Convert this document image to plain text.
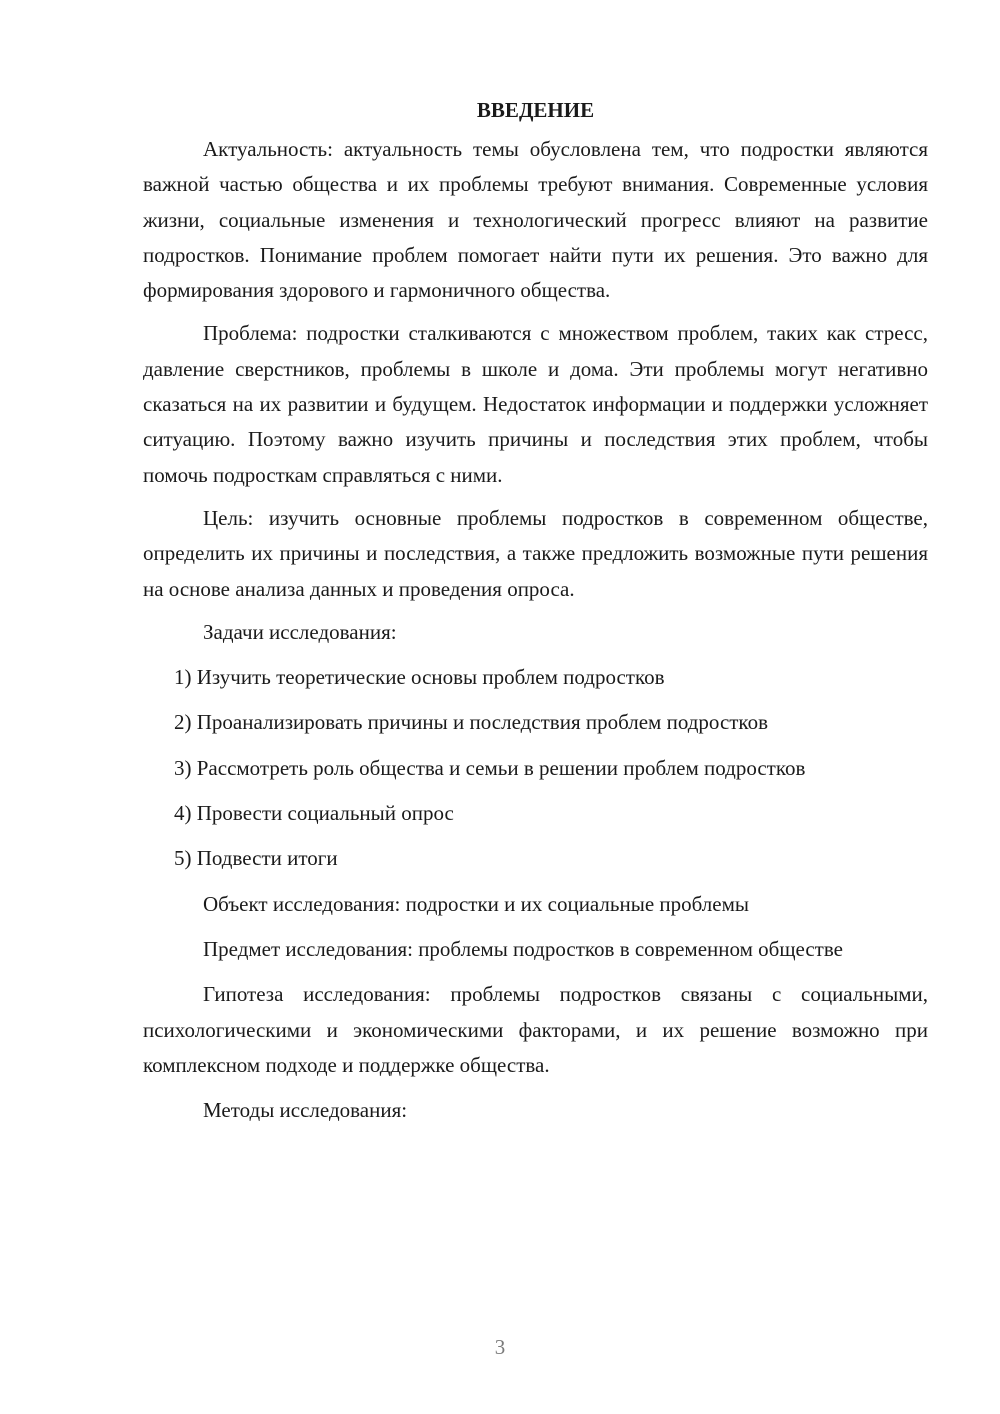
ВВЕДЕНИЕ

Актуальность: актуальность темы обусловлена тем, что подростки являются важной частью общества и их проблемы требуют внимания. Современные условия жизни, социальные изменения и технологический прогресс влияют на развитие подростков. Понимание проблем помогает найти пути их решения. Это важно для формирования здорового и гармоничного общества.

Проблема: подростки сталкиваются с множеством проблем, таких как стресс, давление сверстников, проблемы в школе и дома. Эти проблемы могут негативно сказаться на их развитии и будущем. Недостаток информации и поддержки усложняет ситуацию. Поэтому важно изучить причины и последствия этих проблем, чтобы помочь подросткам справляться с ними.

Цель: изучить основные проблемы подростков в современном обществе, определить их причины и последствия, а также предложить возможные пути решения на основе анализа данных и проведения опроса.

Задачи исследования:

1) Изучить теоретические основы проблем подростков

2) Проанализировать причины и последствия проблем подростков

3) Рассмотреть роль общества и семьи в решении проблем подростков

4) Провести социальный опрос

5) Подвести итоги

Объект исследования: подростки и их социальные проблемы

Предмет исследования: проблемы подростков в современном обществе

Гипотеза исследования: проблемы подростков связаны с социальными, психологическими и экономическими факторами, и их решение возможно при комплексном подходе и поддержке общества.

Методы исследования:

3
